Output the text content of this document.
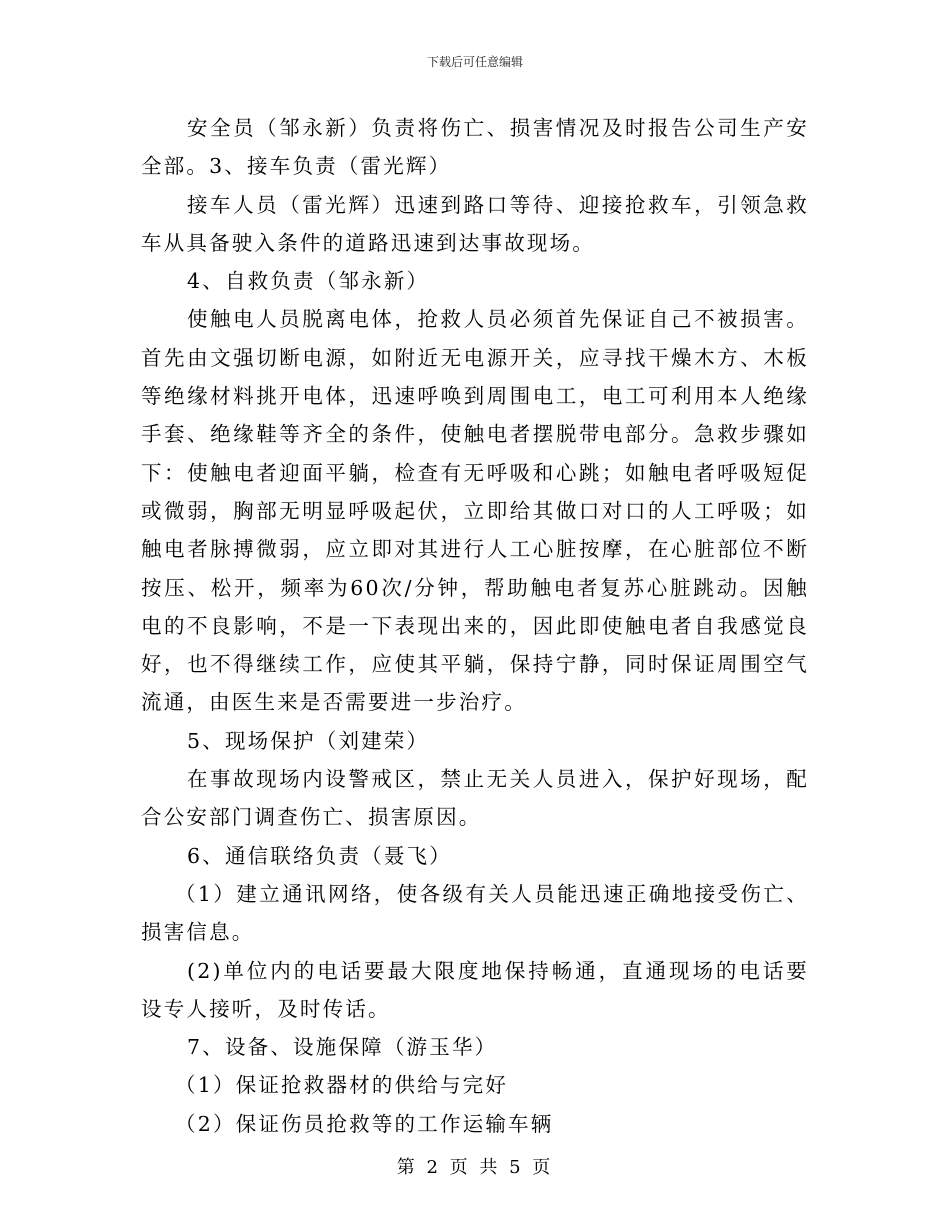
下载后可任意编辑

安全员（邹永新）负责将伤亡、损害情况及时报告公司生产安全部。3、接车负责（雷光辉）

接车人员（雷光辉）迅速到路口等待、迎接抢救车，引领急救车从具备驶入条件的道路迅速到达事故现场。

4、自救负责（邹永新）

使触电人员脱离电体，抢救人员必须首先保证自己不被损害。首先由文强切断电源，如附近无电源开关，应寻找干燥木方、木板等绝缘材料挑开电体，迅速呼唤到周围电工，电工可利用本人绝缘手套、绝缘鞋等齐全的条件，使触电者摆脱带电部分。急救步骤如下：使触电者迎面平躺，检查有无呼吸和心跳；如触电者呼吸短促或微弱，胸部无明显呼吸起伏，立即给其做口对口的人工呼吸；如触电者脉搏微弱，应立即对其进行人工心脏按摩，在心脏部位不断按压、松开，频率为60次/分钟，帮助触电者复苏心脏跳动。因触电的不良影响，不是一下表现出来的，因此即使触电者自我感觉良好，也不得继续工作，应使其平躺，保持宁静，同时保证周围空气流通，由医生来是否需要进一步治疗。

5、现场保护（刘建荣）

在事故现场内设警戒区，禁止无关人员进入，保护好现场，配合公安部门调查伤亡、损害原因。

6、通信联络负责（聂飞）

（1）建立通讯网络，使各级有关人员能迅速正确地接受伤亡、损害信息。

(2)单位内的电话要最大限度地保持畅通，直通现场的电话要设专人接听，及时传话。

7、设备、设施保障（游玉华）

（1）保证抢救器材的供给与完好

（2）保证伤员抢救等的工作运输车辆

第 2 页 共 5 页
